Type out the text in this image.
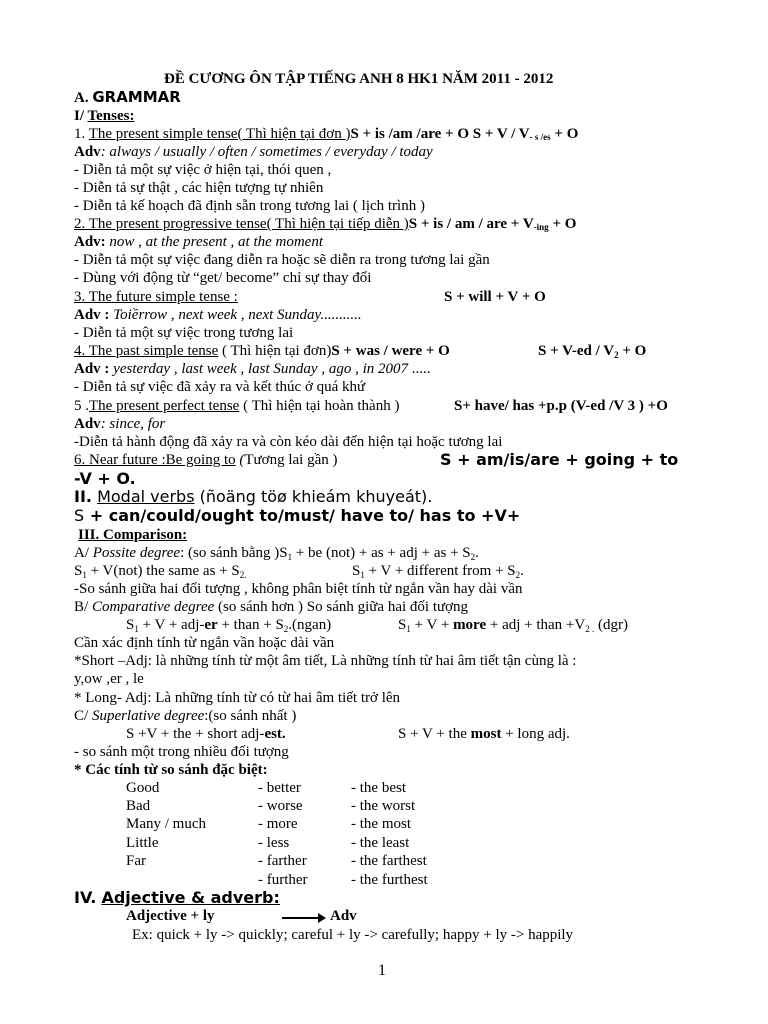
ĐỀ CƯƠNG ÔN TẬP TIẾNG ANH 8 HK1 NĂM 2011 - 2012
A. GRAMMAR
I/ Tenses:
1. The present simple tense( Thì hiện tại đơn )S + is /am /are + O S + V / V- s /es + O
Adv: always / usually / often / sometimes / everyday / today
- Diễn tả một sự việc ở hiện tại, thói quen ,
- Diễn tả sự thật , các hiện tượng tự nhiên
- Diễn tả kế hoạch đã định sẵn trong tương lai ( lịch trình )
2. The present progressive tense( Thì hiện tại tiếp diễn )S + is / am / are + V-ing + O
Adv: now , at the present , at the moment
- Diễn tả một sự việc đang diễn ra hoặc sẽ diễn ra trong tương lai gần
- Dùng với động từ “get/ become” chỉ sự thay đổi
3. The future simple tense :	S + will + V + O
Adv : Toiềrrow , next week , next Sunday...........
- Diễn tả một sự việc trong tương lai
4. The past simple tense ( Thì hiện tại đơn)S + was / were + O	$S + V-ed / V_2 + O$
Adv : yesterday , last week , last Sunday , ago , in 2007 .....
- Diễn tả sự việc đã xảy ra và kết thúc ở quá khứ
5 .The present perfect tense ( Thì hiện tại hoàn thành )	S+ have/ has +p.p (V-ed /V 3 ) +O
Adv: since, for
-Diễn tả hành động đã xảy ra và còn kéo dài đến hiện tại hoặc tương lai
6. Near future :Be going to (Tương lai gần )	S + am/is/are + going + to
-V + O.
II. Modal verbs (ñoäng töø khieám khuyeát).
S + can/could/ought to/must/ have to/ has to +V+
III. Comparison:
A/ Possite degree: (so sánh bằng )$S_1$ + be (not) + as + adj + as + $S_2$.
$S_1 + V(not)$ the same as + $S_{2.}$	$S_1 + V$ + different from + $S_2$.
-So sánh giữa hai đối tượng , không phân biệt tính từ ngắn vần hay dài vần
B/ Comparative degree (so sánh hơn ) So sánh giữa hai đối tượng
$S_1 + V + adj-er$ + than + $S_2.(ngan)$	$S_1 + V$ + more + adj + than $+V_{2 .}$ (dgr)
Cần xác định tính từ ngắn vần hoặc dài vần
*Short –Adj: là những tính từ một âm tiết, Là những tính từ hai âm tiết tận cùng là :
y,ow ,er , le
* Long- Adj: Là những tính từ có từ hai âm tiết trở lên
C/ Superlative degree:(so sánh nhất )
S +V + the + short adj-est.	S + V + the most + long adj.
- so sánh một trong nhiều đối tượng
* Các tính từ so sánh đặc biệt:
Good	- better	- the best
Bad	- worse	- the worst
Many / much	- more	- the most
Little	- less	- the least
Far	- farther	- the farthest
- further	- the furthest
IV. Adjective & adverb:
Adjective + ly	Adv
Ex: quick + ly -> quickly; careful + ly -> carefully; happy + ly -> happily
1
